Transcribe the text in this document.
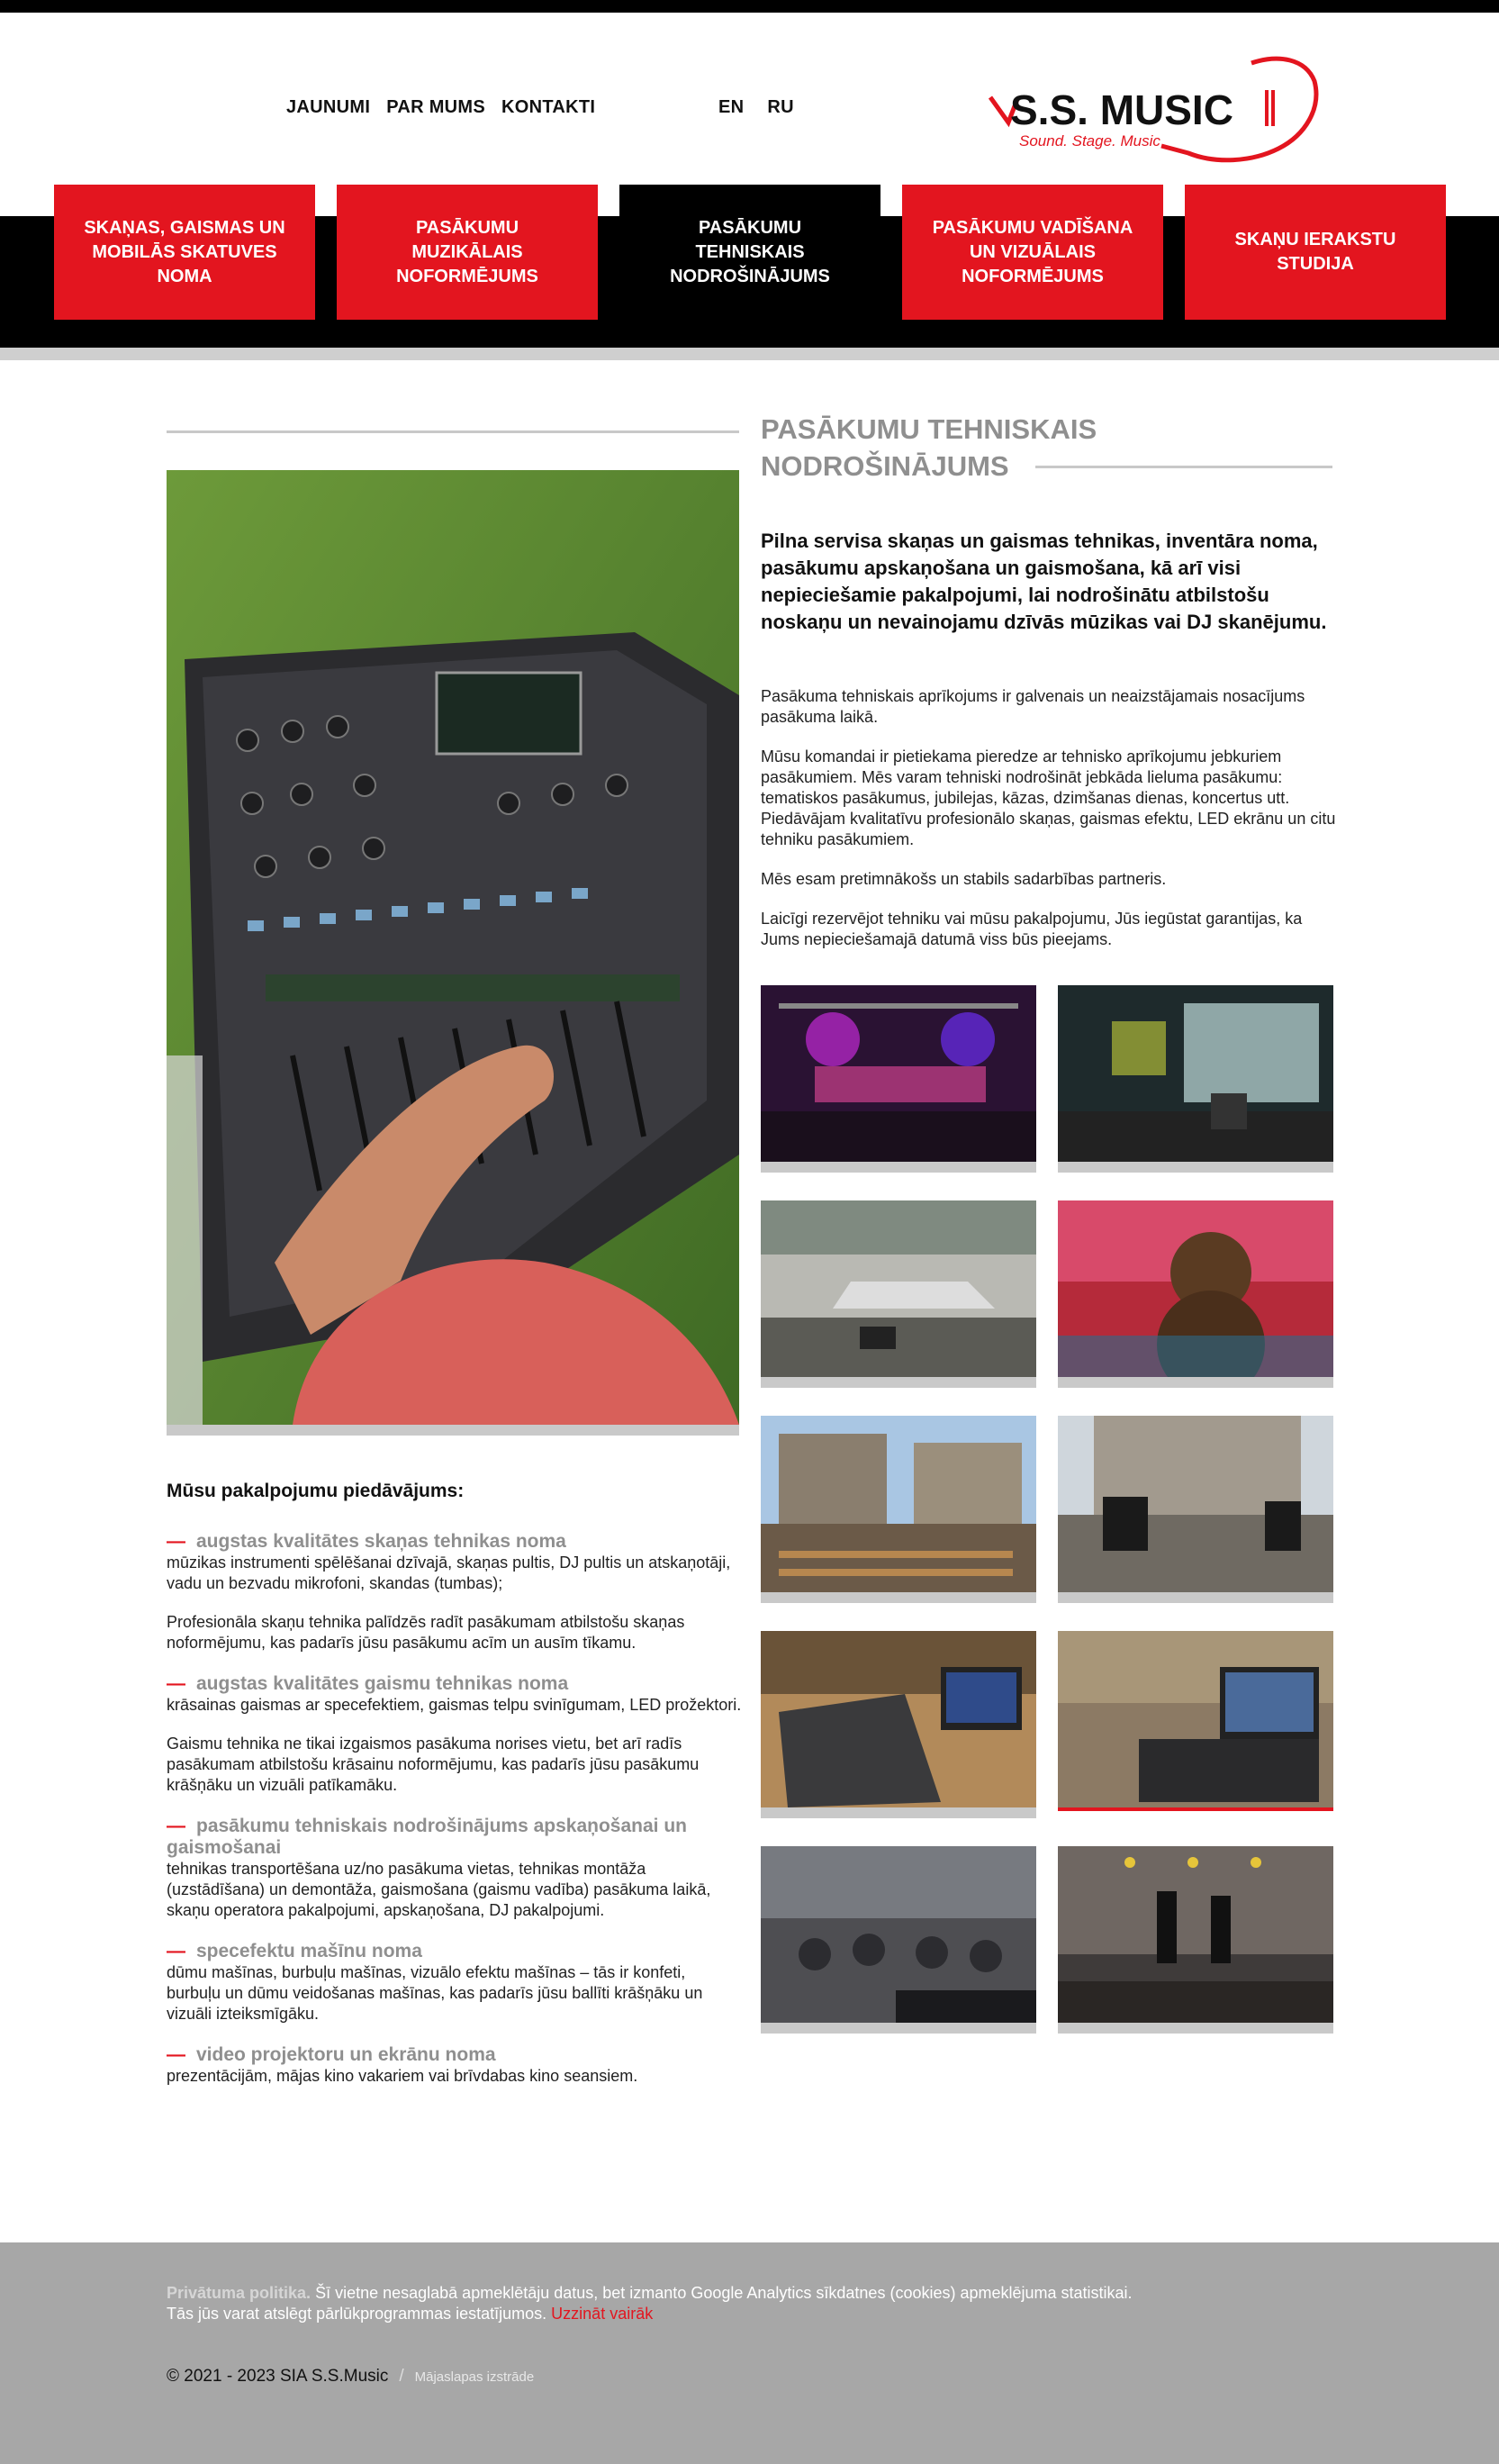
JAUNUMI PAR MUMS KONTAKTI	EN RU	S.S. MUSIC
Sound. Stage. Music
SKAŅAS, GAISMAS UN
MOBILĀS SKATUVES
NOMA
PASĀKUMU MUZIKĀLAIS
NOFORMĒJUMS
PASĀKUMU TEHNISKAIS
NODROŠINĀJUMS
PASĀKUMU VADĪŠANA
UN VIZUĀLAIS
NOFORMĒJUMS
SKAŅU IERAKSTU
STUDIJA
PASĀKUMU TEHNISKAIS NODROŠINĀJUMS

Pilna servisa skaņas un gaismas tehnikas, inventāra noma, pasākumu apskaņošana un gaismošana, kā arī visi nepieciešamie pakalpojumi, lai nodrošinātu atbilstošu noskaņu un nevainojamu dzīvās mūzikas vai DJ skanējumu.

Pasākuma tehniskais aprīkojums ir galvenais un neaizstājamais nosacījums pasākuma laikā.

Mūsu komandai ir pietiekama pieredze ar tehnisko aprīkojumu jebkuriem pasākumiem. Mēs varam tehniski nodrošināt jebkāda lieluma pasākumu: tematiskos pasākumus, jubilejas, kāzas, dzimšanas dienas, koncertus utt. Piedāvājam kvalitatīvu profesionālo skaņas, gaismas efektu, LED ekrānu un citu tehniku pasākumiem.

Mēs esam pretimnākošs un stabils sadarbības partneris.

Laicīgi rezervējot tehniku vai mūsu pakalpojumu, Jūs iegūstat garantijas, ka Jums nepieciešamajā datumā viss būs pieejams.

Mūsu pakalpojumu piedāvājums:
— augstas kvalitātes skaņas tehnikas noma

mūzikas instrumenti spēlēšanai dzīvajā, skaņas pultis, DJ pultis un atskaņotāji, vadu un bezvadu mikrofoni, skandas (tumbas);

Profesionāla skaņu tehnika palīdzēs radīt pasākumam atbilstošu skaņas noformējumu, kas padarīs jūsu pasākumu acīm un ausīm tīkamu.

— augstas kvalitātes gaismu tehnikas noma

krāsainas gaismas ar specefektiem, gaismas telpu svinīgumam, LED prožektori.

Gaismu tehnika ne tikai izgaismos pasākuma norises vietu, bet arī radīs pasākumam atbilstošu krāsainu noformējumu, kas padarīs jūsu pasākumu krāšņāku un vizuāli patīkamāku.

— pasākumu tehniskais nodrošinājums apskaņošanai un gaismošanai

tehnikas transportēšana uz/no pasākuma vietas, tehnikas montāža (uzstādīšana) un demontāža, gaismošana (gaismu vadība) pasākuma laikā, skaņu operatora pakalpojumi, apskaņošana, DJ pakalpojumi.

— specefektu mašīnu noma

dūmu mašīnas, burbuļu mašīnas, vizuālo efektu mašīnas – tās ir konfeti, burbuļu un dūmu veidošanas mašīnas, kas padarīs jūsu ballīti krāšņāku un vizuāli izteiksmīgāku.

— video projektoru un ekrānu noma

prezentācijām, mājas kino vakariem vai brīvdabas kino seansiem.

Privātuma politika. Šī vietne nesaglabā apmeklētāju datus, bet izmanto Google Analytics sīkdatnes (cookies) apmeklējuma statistikai.
Tās jūs varat atslēgt pārlūkprogrammas iestatījumos. Uzzināt vairāk
© 2021 - 2023 SIA S.S.Music / Mājaslapas izstrāde
